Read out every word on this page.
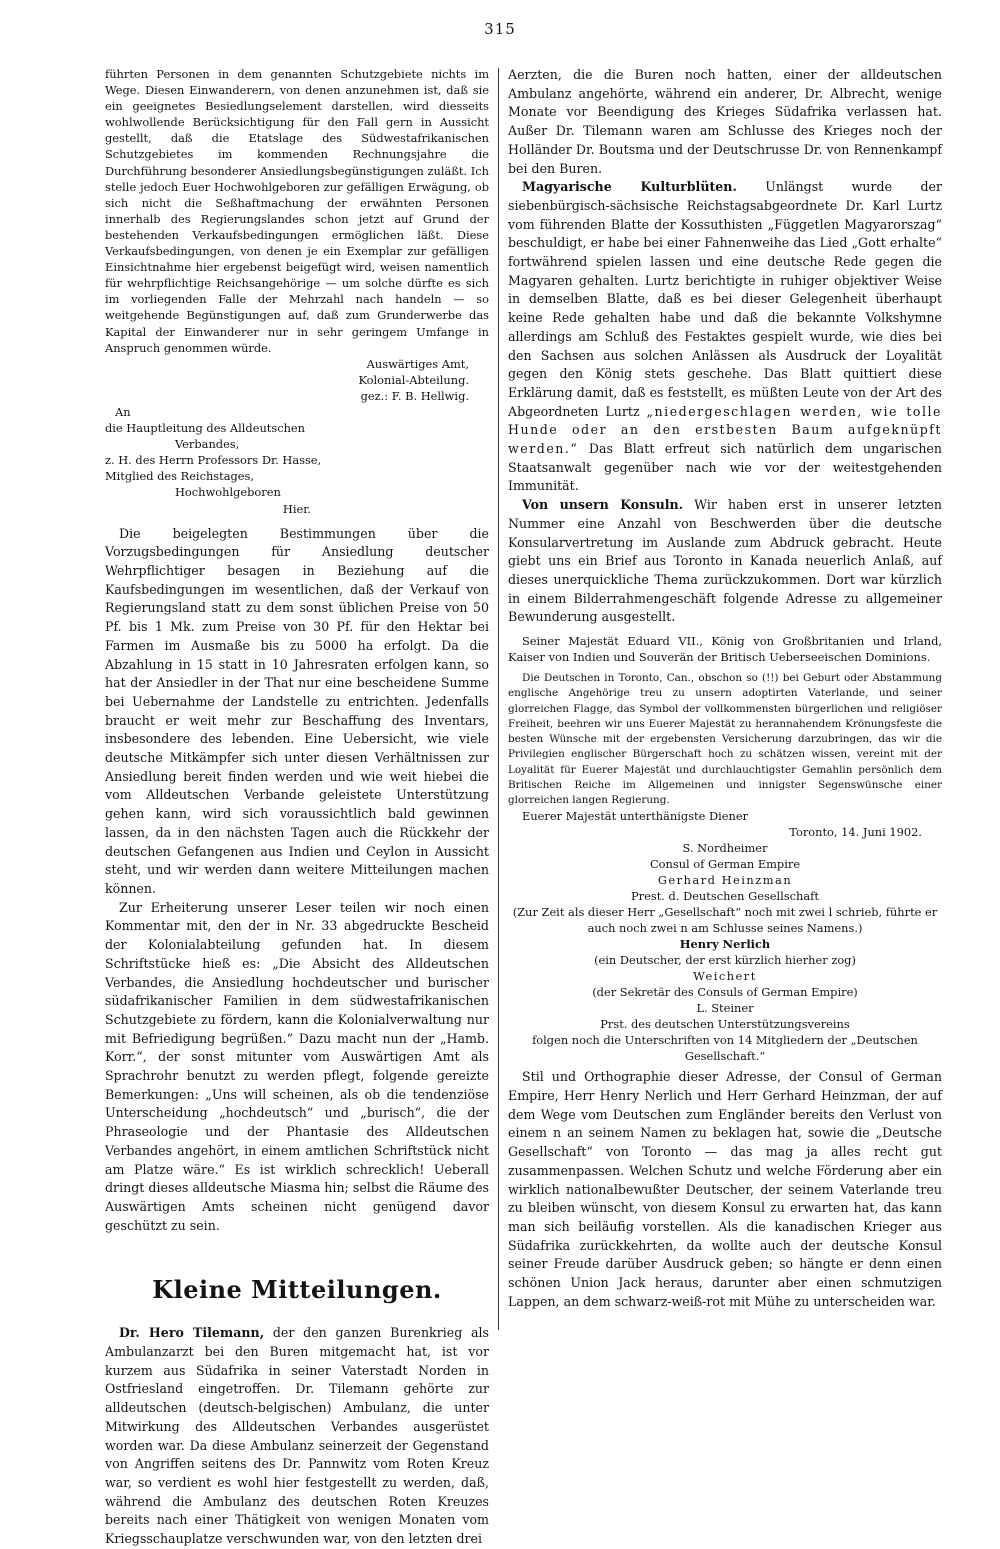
315

führten Personen in dem genannten Schutzgebiete nichts im Wege. Diesen Einwanderern, von denen anzunehmen ist, daß sie ein geeignetes Besiedlungselement darstellen, wird diesseits wohlwollende Berücksichtigung für den Fall gern in Aussicht gestellt, daß die Etatslage des Südwestafrikanischen Schutzgebietes im kommenden Rechnungsjahre die Durchführung besonderer Ansiedlungsbegünstigungen zuläßt. Ich stelle jedoch Euer Hochwohlgeboren zur gefälligen Erwägung, ob sich nicht die Seßhaftmachung der erwähnten Personen innerhalb des Regierungslandes schon jetzt auf Grund der bestehenden Verkaufsbedingungen ermöglichen läßt. Diese Verkaufsbedingungen, von denen je ein Exemplar zur gefälligen Einsichtnahme hier ergebenst beigefügt wird, weisen namentlich für wehrpflichtige Reichsangehörige — um solche dürfte es sich im vorliegenden Falle der Mehrzahl nach handeln — so weitgehende Begünstigungen auf, daß zum Grunderwerbe das Kapital der Einwanderer nur in sehr geringem Umfange in Anspruch genommen würde.

Auswärtiges Amt,

Kolonial-Abteilung.

gez.: F. B. Hellwig.

An

die Hauptleitung des Alldeutschen

Verbandes,

z. H. des Herrn Professors Dr. Hasse,

Mitglied des Reichstages,

Hochwohlgeboren

Hier.

Die beigelegten Bestimmungen über die Vorzugsbedingungen für Ansiedlung deutscher Wehrpflichtiger besagen in Beziehung auf die Kaufsbedingungen im wesentlichen, daß der Verkauf von Regierungsland statt zu dem sonst üblichen Preise von 50 Pf. bis 1 Mk. zum Preise von 30 Pf. für den Hektar bei Farmen im Ausmaße bis zu 5000 ha erfolgt. Da die Abzahlung in 15 statt in 10 Jahresraten erfolgen kann, so hat der Ansiedler in der That nur eine bescheidene Summe bei Uebernahme der Landstelle zu entrichten. Jedenfalls braucht er weit mehr zur Beschaffung des Inventars, insbesondere des lebenden. Eine Uebersicht, wie viele deutsche Mitkämpfer sich unter diesen Verhältnissen zur Ansiedlung bereit finden werden und wie weit hiebei die vom Alldeutschen Verbande geleistete Unterstützung gehen kann, wird sich voraussichtlich bald gewinnen lassen, da in den nächsten Tagen auch die Rückkehr der deutschen Gefangenen aus Indien und Ceylon in Aussicht steht, und wir werden dann weitere Mitteilungen machen können.

Zur Erheiterung unserer Leser teilen wir noch einen Kommentar mit, den der in Nr. 33 abgedruckte Bescheid der Kolonialabteilung gefunden hat. In diesem Schriftstücke hieß es: „Die Absicht des Alldeutschen Verbandes, die Ansiedlung hochdeutscher und burischer südafrikanischer Familien in dem südwestafrikanischen Schutzgebiete zu fördern, kann die Kolonialverwaltung nur mit Befriedigung begrüßen.“ Dazu macht nun der „Hamb. Korr.“, der sonst mitunter vom Auswärtigen Amt als Sprachrohr benutzt zu werden pflegt, folgende gereizte Bemerkungen: „Uns will scheinen, als ob die tendenziöse Unterscheidung „hochdeutsch“ und „burisch“, die der Phraseologie und der Phantasie des Alldeutschen Verbandes angehört, in einem amtlichen Schriftstück nicht am Platze wäre.“ Es ist wirklich schrecklich! Ueberall dringt dieses alldeutsche Miasma hin; selbst die Räume des Auswärtigen Amts scheinen nicht genügend davor geschützt zu sein.

Kleine Mitteilungen.

Dr. Hero Tilemann, der den ganzen Burenkrieg als Ambulanzarzt bei den Buren mitgemacht hat, ist vor kurzem aus Südafrika in seiner Vaterstadt Norden in Ostfriesland eingetroffen. Dr. Tilemann gehörte zur alldeutschen (deutsch-belgischen) Ambulanz, die unter Mitwirkung des Alldeutschen Verbandes ausgerüstet worden war. Da diese Ambulanz seinerzeit der Gegenstand von Angriffen seitens des Dr. Pannwitz vom Roten Kreuz war, so verdient es wohl hier festgestellt zu werden, daß, während die Ambulanz des deutschen Roten Kreuzes bereits nach einer Thätigkeit von wenigen Monaten vom Kriegsschauplatze verschwunden war, von den letzten drei

Aerzten, die die Buren noch hatten, einer der alldeutschen Ambulanz angehörte, während ein anderer, Dr. Albrecht, wenige Monate vor Beendigung des Krieges Südafrika verlassen hat. Außer Dr. Tilemann waren am Schlusse des Krieges noch der Holländer Dr. Boutsma und der Deutschrusse Dr. von Rennenkampf bei den Buren.

Magyarische Kulturblüten. Unlängst wurde der siebenbürgisch-sächsische Reichstagsabgeordnete Dr. Karl Lurtz vom führenden Blatte der Kossuthisten „Független Magyarorszag“ beschuldigt, er habe bei einer Fahnenweihe das Lied „Gott erhalte“ fortwährend spielen lassen und eine deutsche Rede gegen die Magyaren gehalten. Lurtz berichtigte in ruhiger objektiver Weise in demselben Blatte, daß es bei dieser Gelegenheit überhaupt keine Rede gehalten habe und daß die bekannte Volkshymne allerdings am Schluß des Festaktes gespielt wurde, wie dies bei den Sachsen aus solchen Anlässen als Ausdruck der Loyalität gegen den König stets geschehe. Das Blatt quittiert diese Erklärung damit, daß es feststellt, es müßten Leute von der Art des Abgeordneten Lurtz „niedergeschlagen werden, wie tolle Hunde oder an den erstbesten Baum aufgeknüpft werden.“ Das Blatt erfreut sich natürlich dem ungarischen Staatsanwalt gegenüber nach wie vor der weitestgehenden Immunität.

Von unsern Konsuln. Wir haben erst in unserer letzten Nummer eine Anzahl von Beschwerden über die deutsche Konsularvertretung im Auslande zum Abdruck gebracht. Heute giebt uns ein Brief aus Toronto in Kanada neuerlich Anlaß, auf dieses unerquickliche Thema zurückzukommen. Dort war kürzlich in einem Bilderrahmengeschäft folgende Adresse zu allgemeiner Bewunderung ausgestellt.

Seiner Majestät Eduard VII., König von Großbritanien und Irland, Kaiser von Indien und Souverän der Britisch Ueberseeischen Dominions.

Die Deutschen in Toronto, Can., obschon so (!!) bei Geburt oder Abstammung englische Angehörige treu zu unsern adoptirten Vaterlande, und seiner glorreichen Flagge, das Symbol der vollkommensten bürgerlichen und religiöser Freiheit, beehren wir uns Euerer Majestät zu herannahendem Krönungsfeste die besten Wünsche mit der ergebensten Versicherung darzubringen, das wir die Privilegien englischer Bürgerschaft hoch zu schätzen wissen, vereint mit der Loyalität für Euerer Majestät und durchlauchtigster Gemahlin persönlich dem Britischen Reiche im Allgemeinen und innigster Segenswünsche einer glorreichen langen Regierung.

Euerer Majestät unterthänigste Diener

Toronto, 14. Juni 1902.

S. Nordheimer

Consul of German Empire

Gerhard Heinzman

Prest. d. Deutschen Gesellschaft

(Zur Zeit als dieser Herr „Gesellschaft“ noch mit zwei l schrieb, führte er auch noch zwei n am Schlusse seines Namens.)

Henry Nerlich

(ein Deutscher, der erst kürzlich hierher zog)

Weichert

(der Sekretär des Consuls of German Empire)

L. Steiner

Prst. des deutschen Unterstützungsvereins

folgen noch die Unterschriften von 14 Mitgliedern der „Deutschen Gesellschaft.“

Stil und Orthographie dieser Adresse, der Consul of German Empire, Herr Henry Nerlich und Herr Gerhard Heinzman, der auf dem Wege vom Deutschen zum Engländer bereits den Verlust von einem n an seinem Namen zu beklagen hat, sowie die „Deutsche Gesellschaft“ von Toronto — das mag ja alles recht gut zusammenpassen. Welchen Schutz und welche Förderung aber ein wirklich nationalbewußter Deutscher, der seinem Vaterlande treu zu bleiben wünscht, von diesem Konsul zu erwarten hat, das kann man sich beiläufig vorstellen. Als die kanadischen Krieger aus Südafrika zurückkehrten, da wollte auch der deutsche Konsul seiner Freude darüber Ausdruck geben; so hängte er denn einen schönen Union Jack heraus, darunter aber einen schmutzigen Lappen, an dem schwarz-weiß-rot mit Mühe zu unterscheiden war.
